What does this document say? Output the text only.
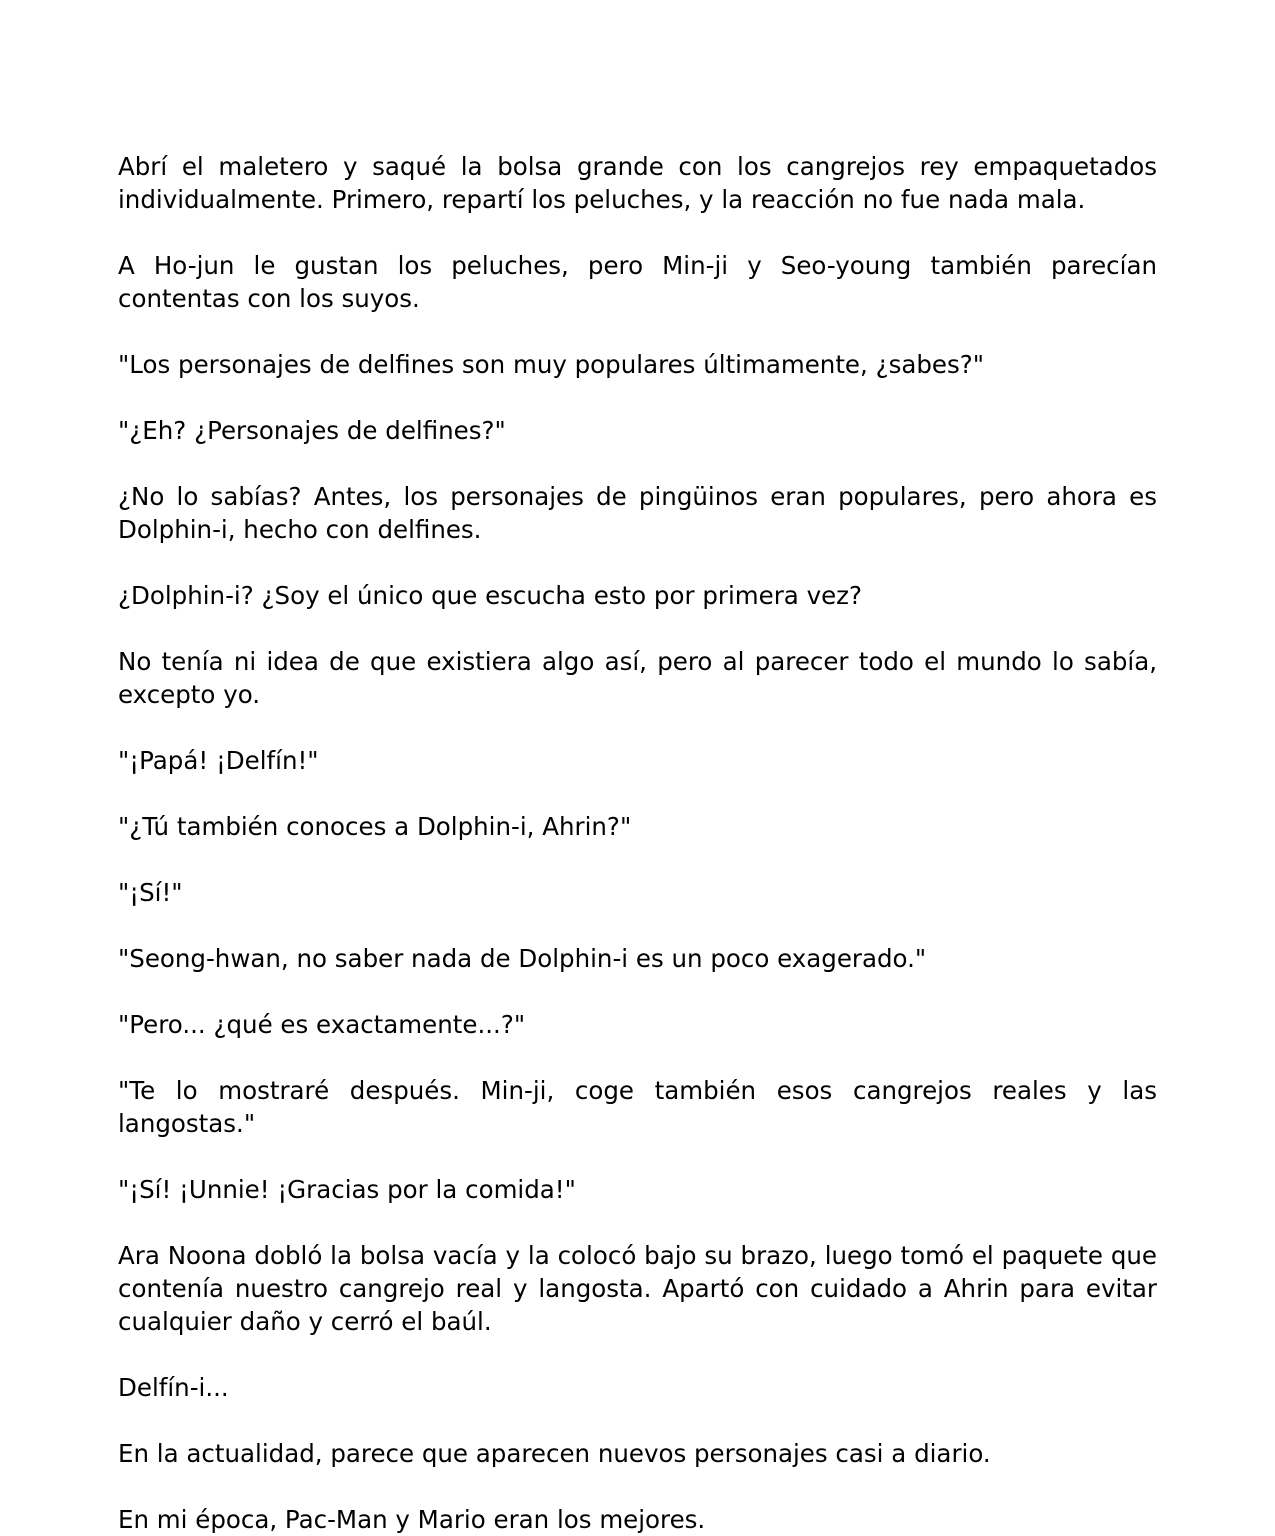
Abrí el maletero y saqué la bolsa grande con los cangrejos rey empaquetados individualmente. Primero, repartí los peluches, y la reacción no fue nada mala.

A Ho-jun le gustan los peluches, pero Min-ji y Seo-young también parecían contentas con los suyos.

"Los personajes de delfines son muy populares últimamente, ¿sabes?"

"¿Eh? ¿Personajes de delfines?"

¿No lo sabías? Antes, los personajes de pingüinos eran populares, pero ahora es Dolphin-i, hecho con delfines.

¿Dolphin-i? ¿Soy el único que escucha esto por primera vez?

No tenía ni idea de que existiera algo así, pero al parecer todo el mundo lo sabía, excepto yo.

"¡Papá! ¡Delfín!"

"¿Tú también conoces a Dolphin-i, Ahrin?"

"¡Sí!"

"Seong-hwan, no saber nada de Dolphin-i es un poco exagerado."

"Pero... ¿qué es exactamente...?"

"Te lo mostraré después. Min-ji, coge también esos cangrejos reales y las langostas."

"¡Sí! ¡Unnie! ¡Gracias por la comida!"

Ara Noona dobló la bolsa vacía y la colocó bajo su brazo, luego tomó el paquete que contenía nuestro cangrejo real y langosta. Apartó con cuidado a Ahrin para evitar cualquier daño y cerró el baúl.

Delfín-i...

En la actualidad, parece que aparecen nuevos personajes casi a diario.

En mi época, Pac-Man y Mario eran los mejores.
